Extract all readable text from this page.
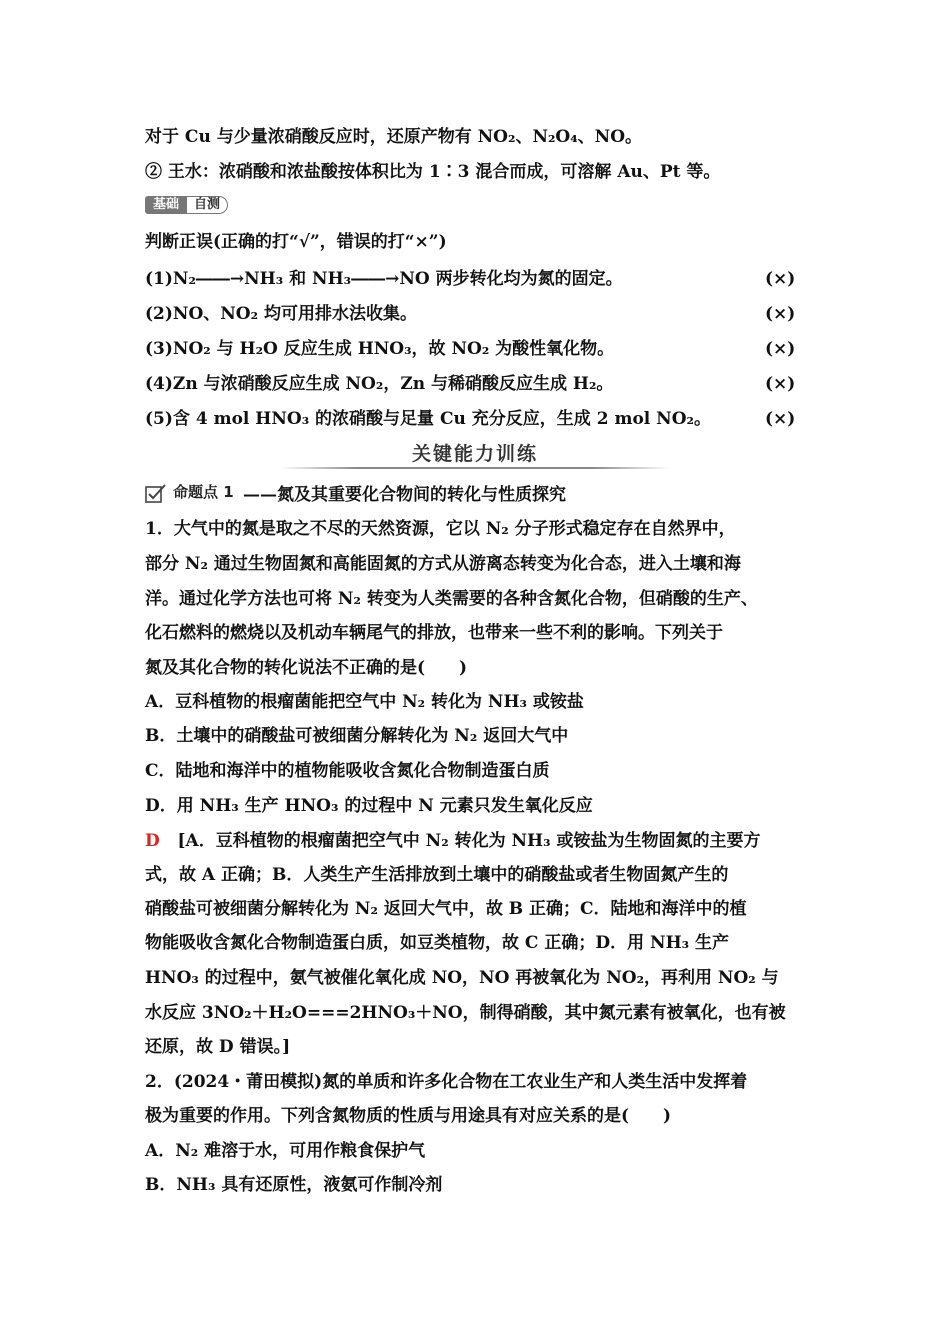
对于 Cu 与少量浓硝酸反应时，还原产物有 NO₂、N₂O₄、NO。
② 王水：浓硝酸和浓盐酸按体积比为 1∶3 混合而成，可溶解 Au、Pt 等。
基础	自测
判断正误(正确的打“√”，错误的打“×”)
(1)N₂――→NH₃ 和 NH₃――→NO 两步转化均为氮的固定。	(×)
(2)NO、NO₂ 均可用排水法收集。	(×)
(3)NO₂ 与 H₂O 反应生成 HNO₃，故 NO₂ 为酸性氧化物。	(×)
(4)Zn 与浓硝酸反应生成 NO₂，Zn 与稀硝酸反应生成 H₂。	(×)
(5)含 4 mol HNO₃ 的浓硝酸与足量 Cu 充分反应，生成 2 mol NO₂。	(×)
关键能力训练
命题点 1 ——氮及其重要化合物间的转化与性质探究
1．大气中的氮是取之不尽的天然资源，它以 N₂ 分子形式稳定存在自然界中，
部分 N₂ 通过生物固氮和高能固氮的方式从游离态转变为化合态，进入土壤和海
洋。通过化学方法也可将 N₂ 转变为人类需要的各种含氮化合物，但硝酸的生产、
化石燃料的燃烧以及机动车辆尾气的排放，也带来一些不利的影响。下列关于
氮及其化合物的转化说法不正确的是(　　)
A．豆科植物的根瘤菌能把空气中 N₂ 转化为 NH₃ 或铵盐
B．土壤中的硝酸盐可被细菌分解转化为 N₂ 返回大气中
C．陆地和海洋中的植物能吸收含氮化合物制造蛋白质
D．用 NH₃ 生产 HNO₃ 的过程中 N 元素只发生氧化反应
D [A．豆科植物的根瘤菌把空气中 N₂ 转化为 NH₃ 或铵盐为生物固氮的主要方
式，故 A 正确；B．人类生产生活排放到土壤中的硝酸盐或者生物固氮产生的
硝酸盐可被细菌分解转化为 N₂ 返回大气中，故 B 正确；C．陆地和海洋中的植
物能吸收含氮化合物制造蛋白质，如豆类植物，故 C 正确；D．用 NH₃ 生产
HNO₃ 的过程中，氨气被催化氧化成 NO，NO 再被氧化为 NO₂，再利用 NO₂ 与
水反应 3NO₂＋H₂O===2HNO₃＋NO，制得硝酸，其中氮元素有被氧化，也有被
还原，故 D 错误。]
2．(2024・莆田模拟)氮的单质和许多化合物在工农业生产和人类生活中发挥着
极为重要的作用。下列含氮物质的性质与用途具有对应关系的是(　　)
A．N₂ 难溶于水，可用作粮食保护气
B．NH₃ 具有还原性，液氨可作制冷剂
